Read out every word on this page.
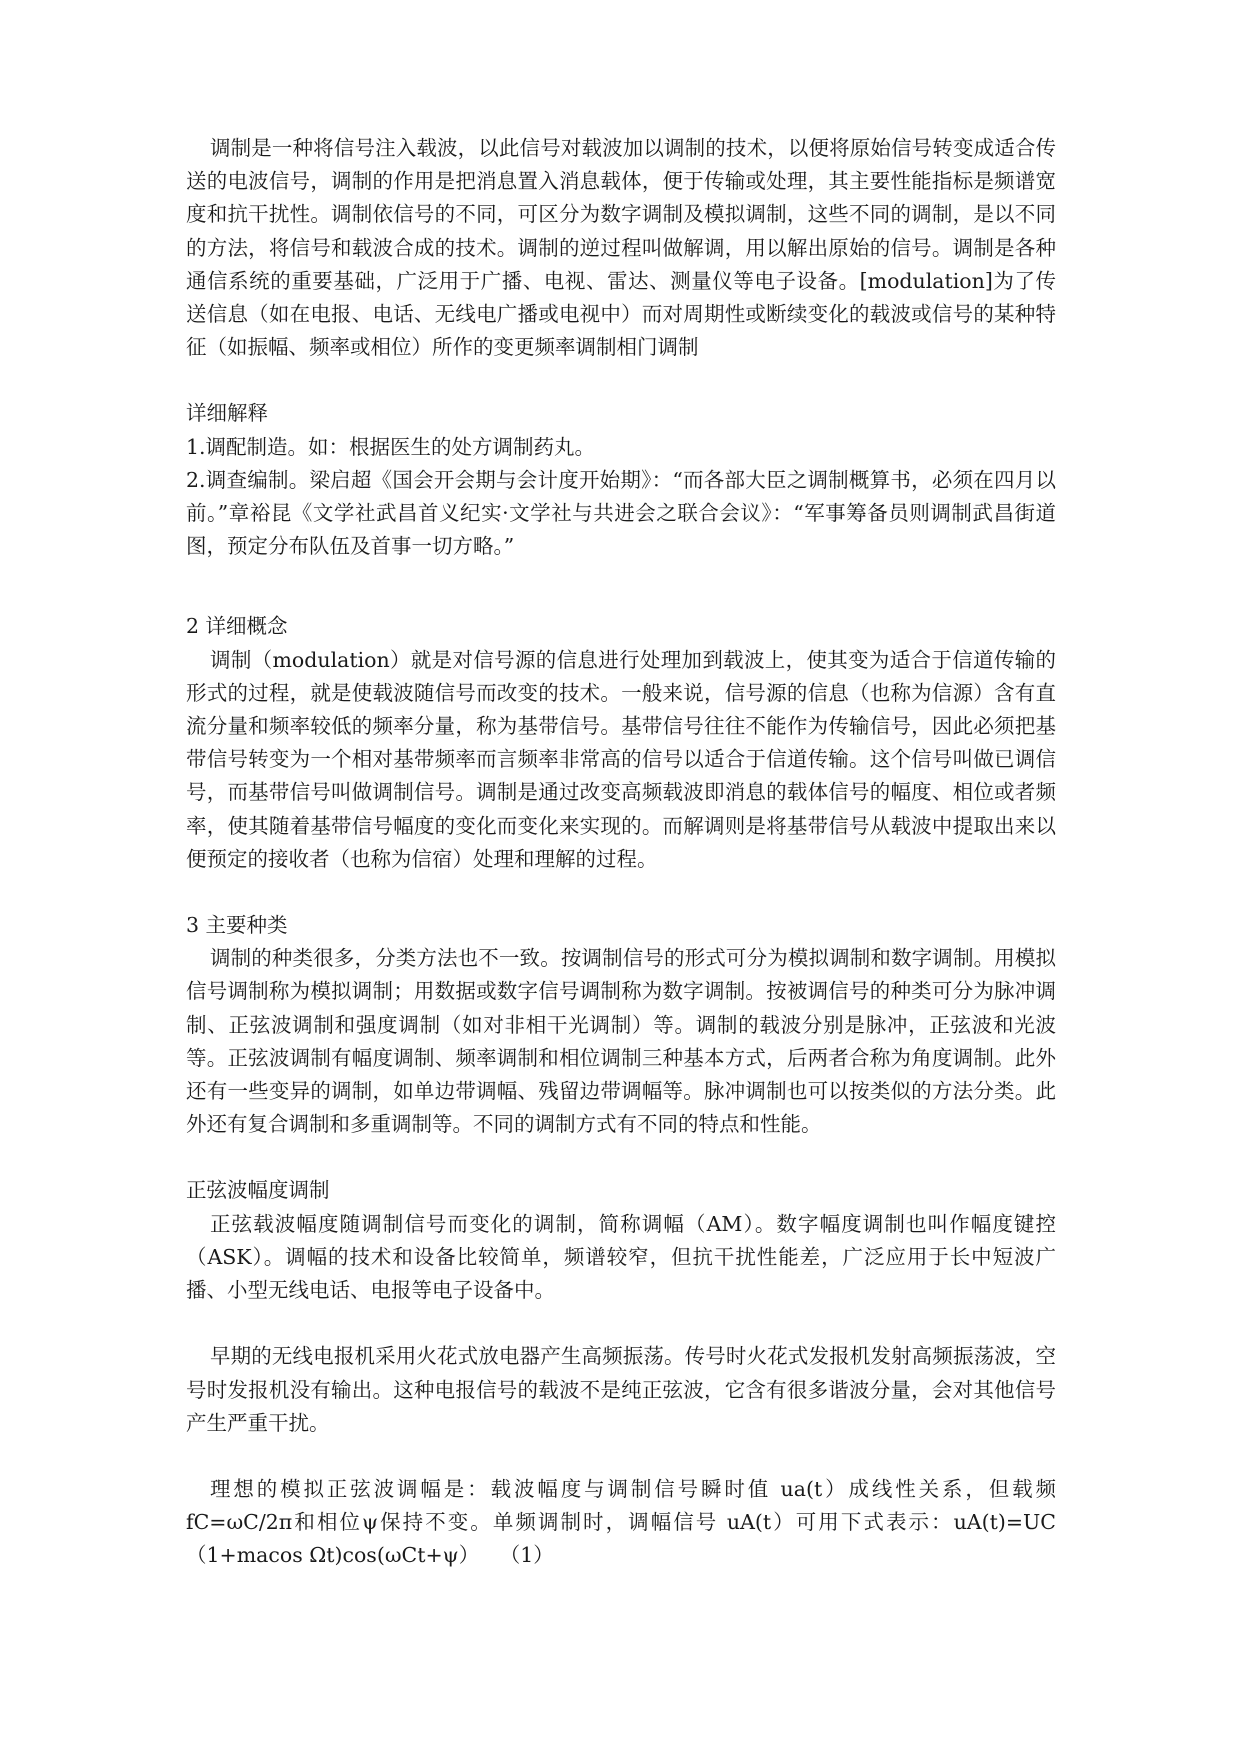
调制是一种将信号注入载波，以此信号对载波加以调制的技术，以便将原始信号转变成适合传送的电波信号，调制的作用是把消息置入消息载体，便于传输或处理，其主要性能指标是频谱宽度和抗干扰性。调制依信号的不同，可区分为数字调制及模拟调制，这些不同的调制，是以不同的方法，将信号和载波合成的技术。调制的逆过程叫做解调，用以解出原始的信号。调制是各种通信系统的重要基础，广泛用于广播、电视、雷达、测量仪等电子设备。[modulation]为了传送信息（如在电报、电话、无线电广播或电视中）而对周期性或断续变化的载波或信号的某种特征（如振幅、频率或相位）所作的变更频率调制相门调制

详细解释

1.调配制造。如：根据医生的处方调制药丸。

2.调查编制。梁启超《国会开会期与会计度开始期》：“而各部大臣之调制概算书，必须在四月以前。”章裕昆《文学社武昌首义纪实·文学社与共进会之联合会议》：“军事筹备员则调制武昌街道图，预定分布队伍及首事一切方略。”

2 详细概念

调制（modulation）就是对信号源的信息进行处理加到载波上，使其变为适合于信道传输的形式的过程，就是使载波随信号而改变的技术。一般来说，信号源的信息（也称为信源）含有直流分量和频率较低的频率分量，称为基带信号。基带信号往往不能作为传输信号，因此必须把基带信号转变为一个相对基带频率而言频率非常高的信号以适合于信道传输。这个信号叫做已调信号，而基带信号叫做调制信号。调制是通过改变高频载波即消息的载体信号的幅度、相位或者频率，使其随着基带信号幅度的变化而变化来实现的。而解调则是将基带信号从载波中提取出来以便预定的接收者（也称为信宿）处理和理解的过程。

3 主要种类

调制的种类很多，分类方法也不一致。按调制信号的形式可分为模拟调制和数字调制。用模拟信号调制称为模拟调制；用数据或数字信号调制称为数字调制。按被调信号的种类可分为脉冲调制、正弦波调制和强度调制（如对非相干光调制）等。调制的载波分别是脉冲，正弦波和光波等。正弦波调制有幅度调制、频率调制和相位调制三种基本方式，后两者合称为角度调制。此外还有一些变异的调制，如单边带调幅、残留边带调幅等。脉冲调制也可以按类似的方法分类。此外还有复合调制和多重调制等。不同的调制方式有不同的特点和性能。

正弦波幅度调制

正弦载波幅度随调制信号而变化的调制，简称调幅（AM）。数字幅度调制也叫作幅度键控（ASK）。调幅的技术和设备比较简单，频谱较窄，但抗干扰性能差，广泛应用于长中短波广播、小型无线电话、电报等电子设备中。

早期的无线电报机采用火花式放电器产生高频振荡。传号时火花式发报机发射高频振荡波，空号时发报机没有输出。这种电报信号的载波不是纯正弦波，它含有很多谐波分量，会对其他信号产生严重干扰。

理想的模拟正弦波调幅是：载波幅度与调制信号瞬时值 ua(t）成线性关系，但载频 fC=ωC/2π和相位ψ保持不变。单频调制时，调幅信号 uA(t）可用下式表示：uA(t)=UC（1+macos Ωt)cos(ωCt+ψ）　　（1）
